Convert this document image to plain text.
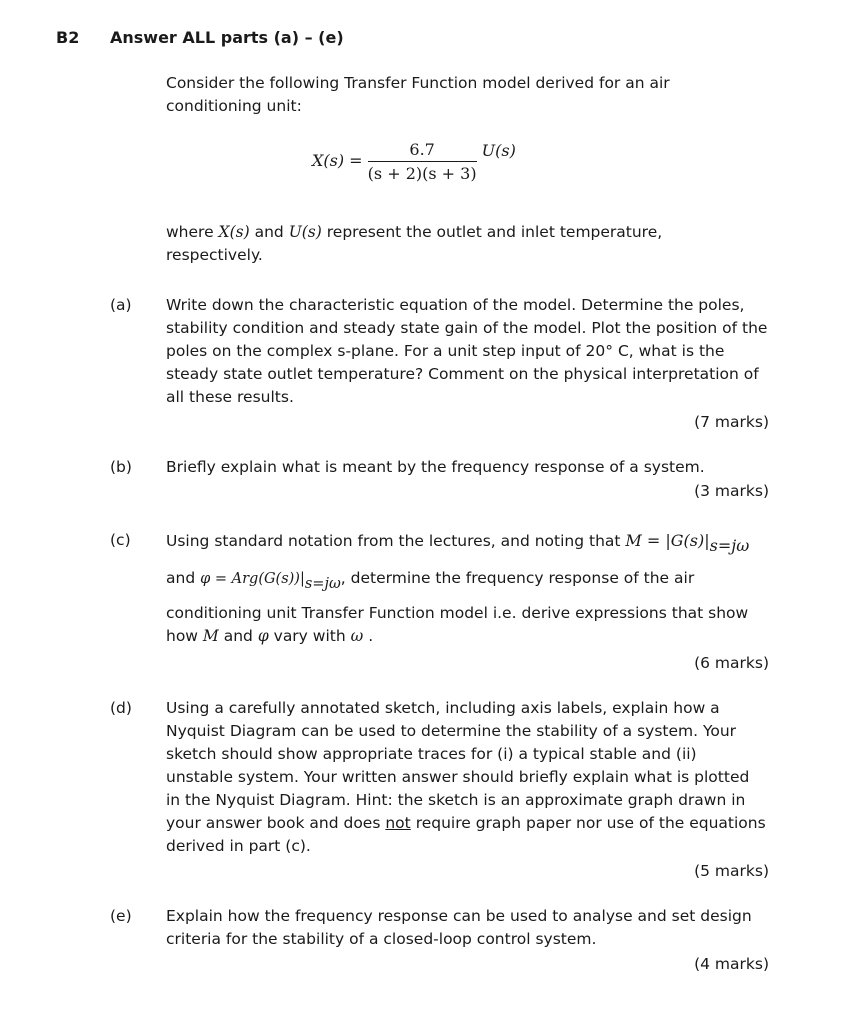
B2 Answer ALL parts (a) – (e)
Consider the following Transfer Function model derived for an air conditioning unit:
$X(s) = \frac{6.7}{(s + 2)(s + 3)} U(s)$
where X(s) and U(s) represent the outlet and inlet temperature,
respectively.
(a) Write down the characteristic equation of the model. Determine the poles, stability condition and steady state gain of the model. Plot the position of the poles on the complex s-plane. For a unit step input of 20° C, what is the steady state outlet temperature? Comment on the physical interpretation of all these results.
(7 marks)
(b) Briefly explain what is meant by the frequency response of a system.
(3 marks)
(c) Using standard notation from the lectures, and noting that M = |G(s)|s=jω
and φ = Arg(G(s))|s=jω, determine the frequency response of the air
conditioning unit Transfer Function model i.e. derive expressions that show
how M and φ vary with ω .
(6 marks)
(d) Using a carefully annotated sketch, including axis labels, explain how a Nyquist Diagram can be used to determine the stability of a system. Your sketch should show appropriate traces for (i) a typical stable and (ii) unstable system. Your written answer should briefly explain what is plotted in the Nyquist Diagram. Hint: the sketch is an approximate graph drawn in your answer book and does not require graph paper nor use of the equations derived in part (c).
(5 marks)
(e) Explain how the frequency response can be used to analyse and set design criteria for the stability of a closed-loop control system.
(4 marks)
